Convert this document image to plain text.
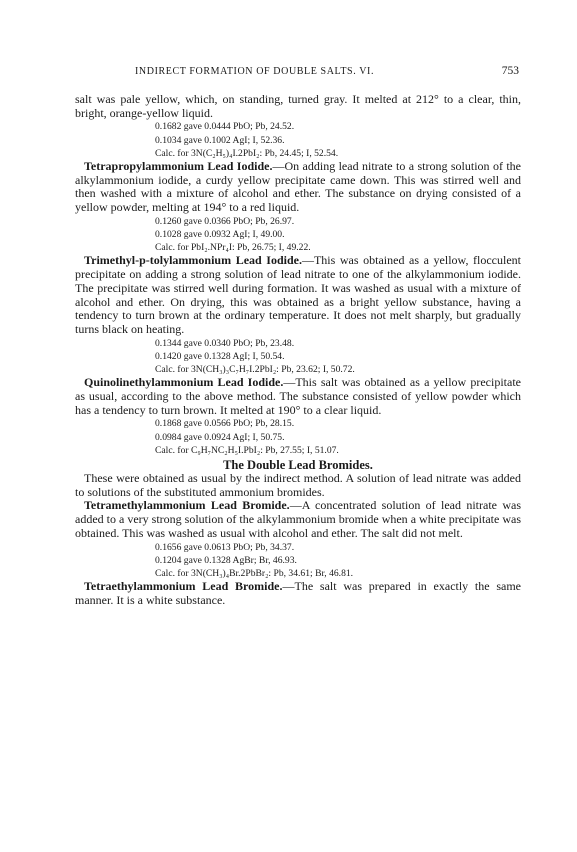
INDIRECT FORMATION OF DOUBLE SALTS. VI.	753

salt was pale yellow, which, on standing, turned gray. It melted at 212° to a clear, thin, bright, orange-yellow liquid.

0.1682 gave 0.0444 PbO; Pb, 24.52.
0.1034 gave 0.1002 AgI; I, 52.36.
Calc. for 3N(C₂H₅)₄I.2PbI₂: Pb, 24.45; I, 52.54.

Tetrapropylammonium Lead Iodide.—On adding lead nitrate to a strong solution of the alkylammonium iodide, a curdy yellow precipitate came down. This was stirred well and then washed with a mixture of alcohol and ether. The substance on drying consisted of a yellow powder, melting at 194° to a red liquid.

0.1260 gave 0.0366 PbO; Pb, 26.97.
0.1028 gave 0.0932 AgI; I, 49.00.
Calc. for PbI₂.NPr₄I: Pb, 26.75; I, 49.22.

Trimethyl-p-tolylammonium Lead Iodide.—This was obtained as a yellow, flocculent precipitate on adding a strong solution of lead nitrate to one of the alkylammonium iodide. The precipitate was stirred well during formation. It was washed as usual with a mixture of alcohol and ether. On drying, this was obtained as a bright yellow substance, having a tendency to turn brown at the ordinary temperature. It does not melt sharply, but gradually turns black on heating.

0.1344 gave 0.0340 PbO; Pb, 23.48.
0.1420 gave 0.1328 AgI; I, 50.54.
Calc. for 3N(CH₃)₃C₇H₇I.2PbI₂: Pb, 23.62; I, 50.72.

Quinolinethylammonium Lead Iodide.—This salt was obtained as a yellow precipitate as usual, according to the above method. The substance consisted of yellow powder which has a tendency to turn brown. It melted at 190° to a clear liquid.

0.1868 gave 0.0566 PbO; Pb, 28.15.
0.0984 gave 0.0924 AgI; I, 50.75.
Calc. for C₉H₇NC₂H₅I.PbI₂: Pb, 27.55; I, 51.07.
The Double Lead Bromides.

These were obtained as usual by the indirect method. A solution of lead nitrate was added to solutions of the substituted ammonium bromides.

Tetramethylammonium Lead Bromide.—A concentrated solution of lead nitrate was added to a very strong solution of the alkylammonium bromide when a white precipitate was obtained. This was washed as usual with alcohol and ether. The salt did not melt.

0.1656 gave 0.0613 PbO; Pb, 34.37.
0.1204 gave 0.1328 AgBr; Br, 46.93.
Calc. for 3N(CH₃)₄Br.2PbBr₂: Pb, 34.61; Br, 46.81.

Tetraethylammonium Lead Bromide.—The salt was prepared in exactly the same manner. It is a white substance.
